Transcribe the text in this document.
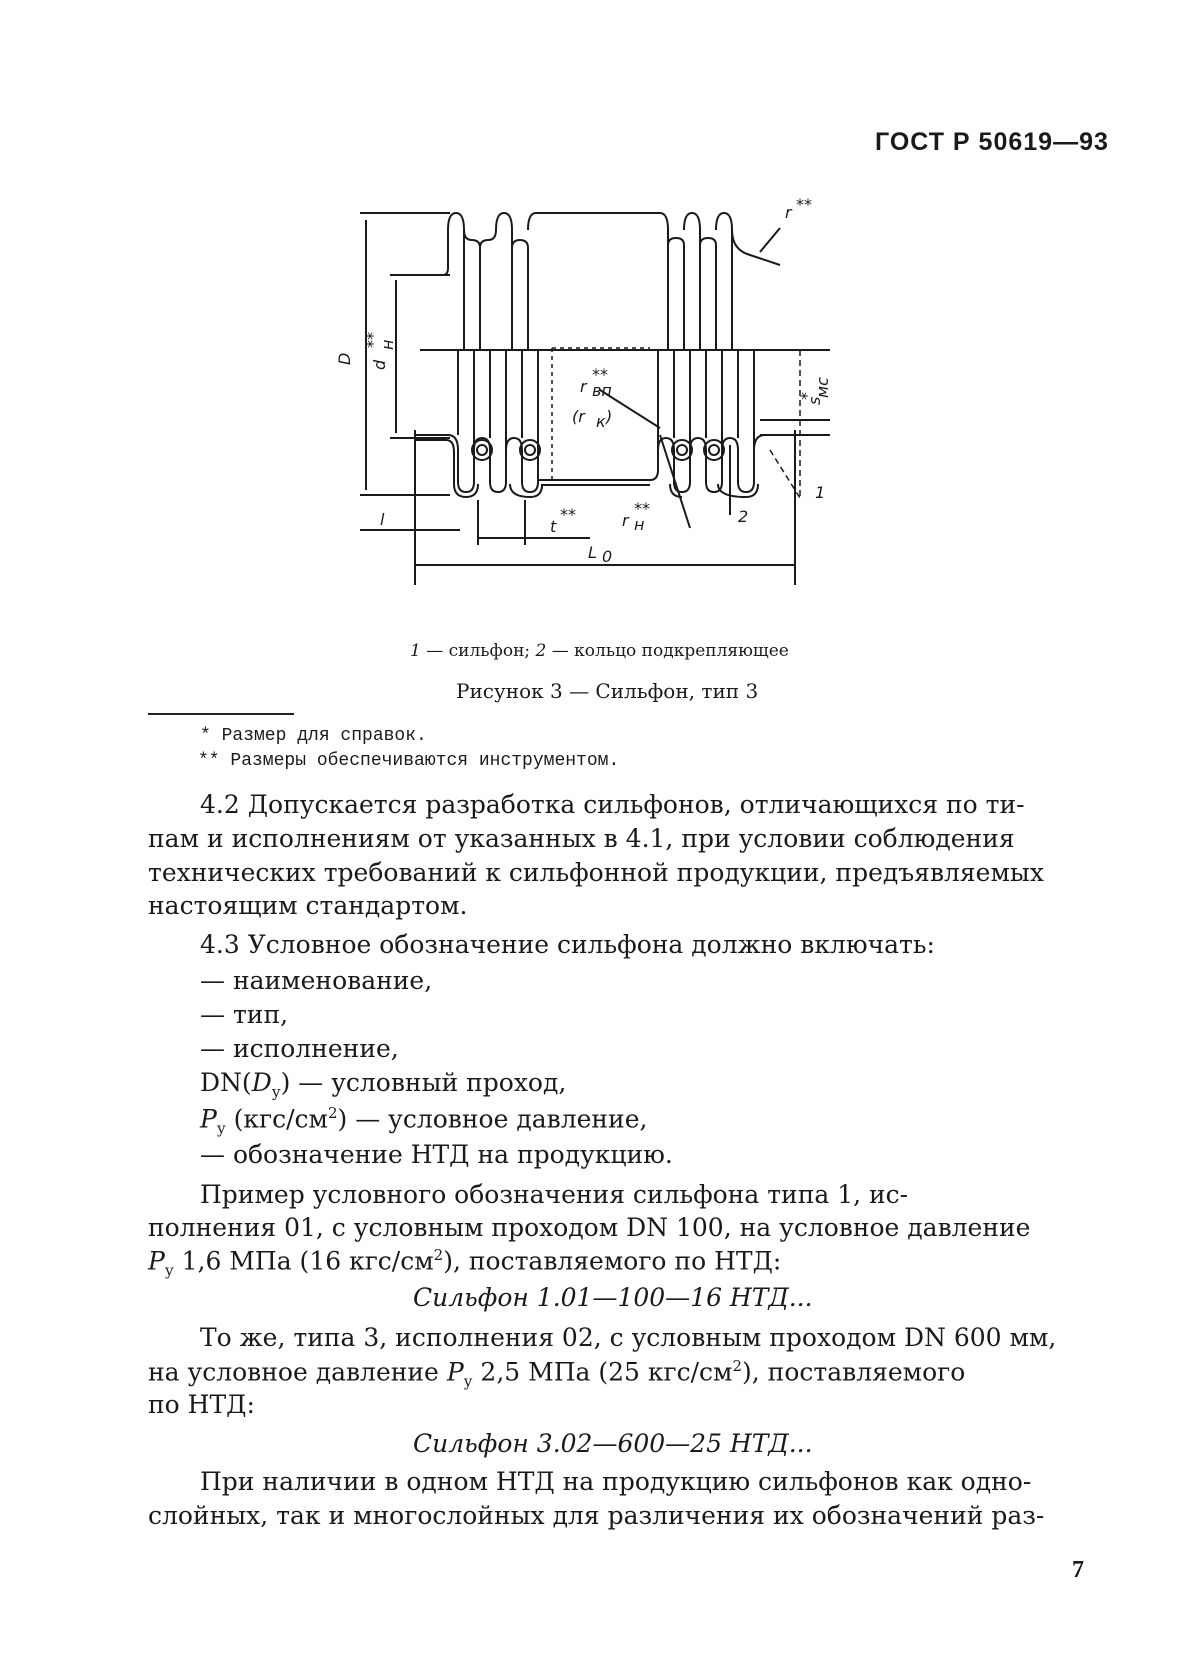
ГОСТ Р 50619—93
D d
н
**
r **
r вп
**
(r к )
s
мс
*
l	t
**	r н
**	2
1
L 0
1 — сильфон; 2 — кольцо подкрепляющее
Рисунок 3 — Сильфон, тип 3
* Размер для справок.
** Размеры обеспечиваются инструментом.
4.2 Допускается разработка сильфонов, отличающихся по ти-
пам и исполнениям от указанных в 4.1, при условии соблюдения
технических требований к сильфонной продукции, предъявляемых
настоящим стандартом.
4.3 Условное обозначение сильфона должно включать:
— наименование,
— тип,
— исполнение,
$DN(D_у)$ — условный проход,
$P_у$ $(кгс/см^2)$ — условное давление,
— обозначение НТД на продукцию.
Пример условного обозначения сильфона типа 1, ис-
полнения 01, с условным проходом DN 100, на условное давление
$P_у$ 1,6 МПа (16 кгс/$см^2$), поставляемого по НТД:
Сильфон 1.01—100—16 НТД...
То же, типа 3, исполнения 02, с условным проходом DN 600 мм,
на условное давление $P_у$ 2,5 МПа (25 кгс/$см^2$), поставляемого
по НТД:
Сильфон 3.02—600—25 НТД...
При наличии в одном НТД на продукцию сильфонов как одно-
слойных, так и многослойных для различения их обозначений раз-
7
